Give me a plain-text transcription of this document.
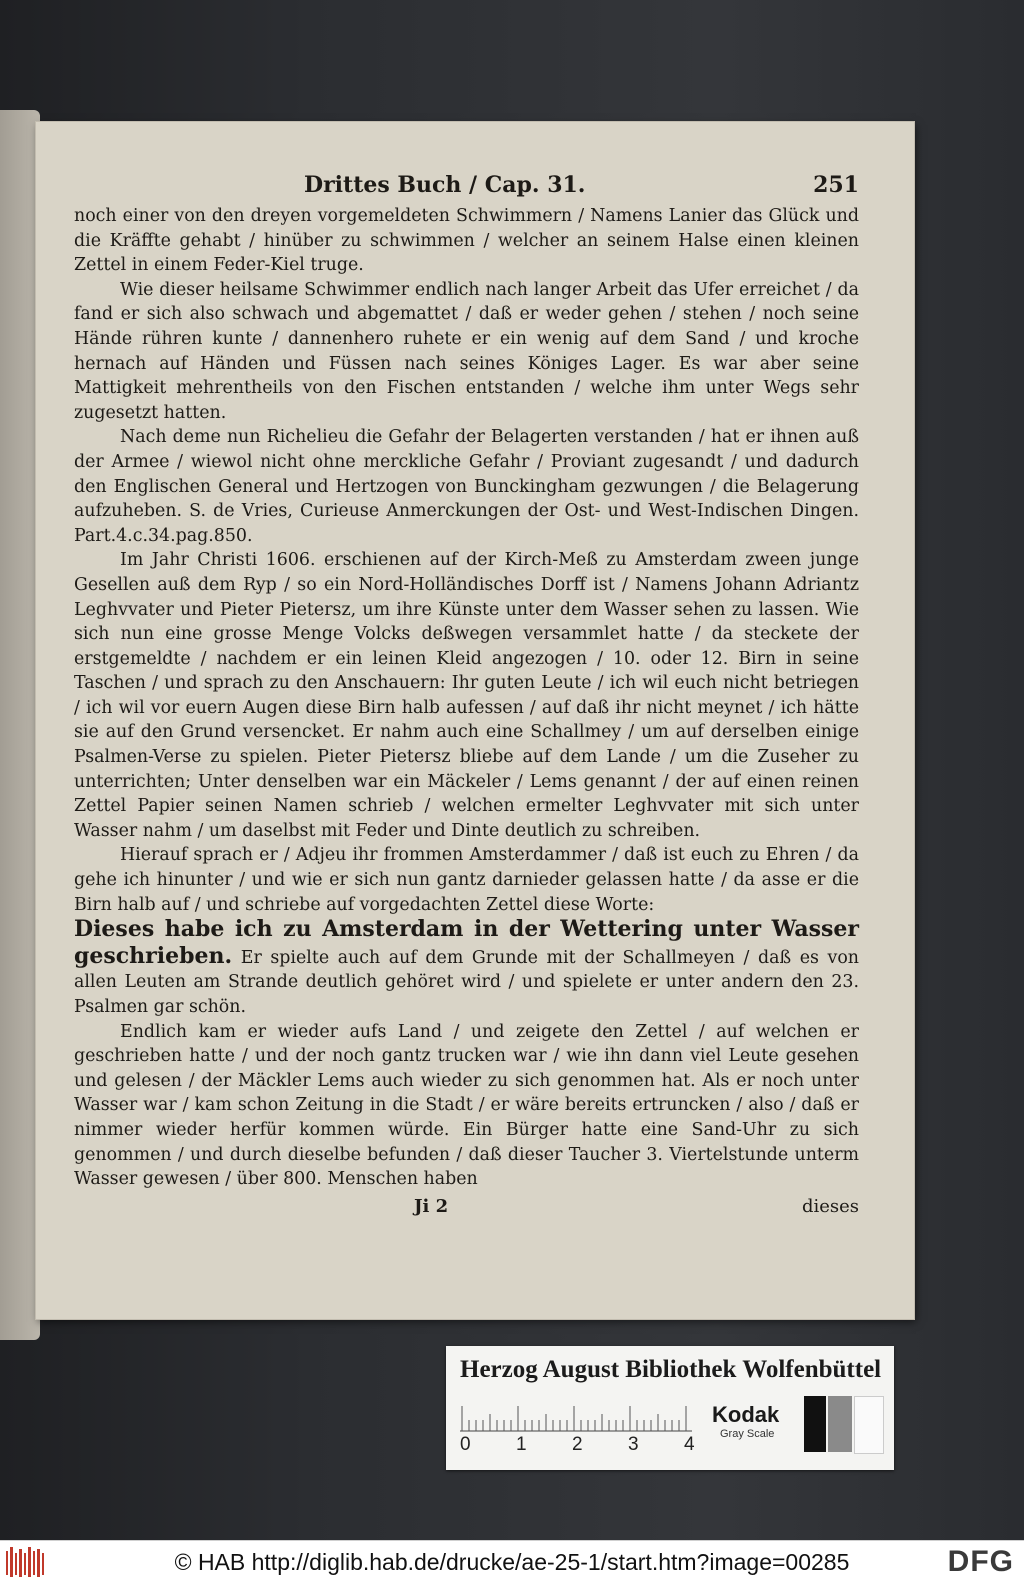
Drittes Buch / Cap. 31.	251

noch einer von den dreyen vorgemeldeten Schwimmern / Namens Lanier das Glück und die Kräffte gehabt / hinüber zu schwimmen / welcher an seinem Halse einen kleinen Zettel in einem Feder-Kiel truge.

Wie dieser heilsame Schwimmer endlich nach langer Arbeit das Ufer erreichet / da fand er sich also schwach und abgemattet / daß er weder gehen / stehen / noch seine Hände rühren kunte / dannenhero ruhete er ein wenig auf dem Sand / und kroche hernach auf Händen und Füssen nach seines Königes Lager. Es war aber seine Mattigkeit mehrentheils von den Fischen entstanden / welche ihm unter Wegs sehr zugesetzt hatten.

Nach deme nun Richelieu die Gefahr der Belagerten verstanden / hat er ihnen auß der Armee / wiewol nicht ohne merckliche Gefahr / Proviant zugesandt / und dadurch den Englischen General und Hertzogen von Bunckingham gezwungen / die Belagerung aufzuheben. S. de Vries, Curieuse Anmerckungen der Ost- und West-Indischen Dingen. Part.4.c.34.pag.850.

Im Jahr Christi 1606. erschienen auf der Kirch-Meß zu Amsterdam zween junge Gesellen auß dem Ryp / so ein Nord-Holländisches Dorff ist / Namens Johann Adriantz Leghvvater und Pieter Pietersz, um ihre Künste unter dem Wasser sehen zu lassen. Wie sich nun eine grosse Menge Volcks deßwegen versammlet hatte / da steckete der erstgemeldte / nachdem er ein leinen Kleid angezogen / 10. oder 12. Birn in seine Taschen / und sprach zu den Anschauern: Ihr guten Leute / ich wil euch nicht betriegen / ich wil vor euern Augen diese Birn halb aufessen / auf daß ihr nicht meynet / ich hätte sie auf den Grund versencket. Er nahm auch eine Schallmey / um auf derselben einige Psalmen-Verse zu spielen. Pieter Pietersz bliebe auf dem Lande / um die Zuseher zu unterrichten; Unter denselben war ein Mäckeler / Lems genannt / der auf einen reinen Zettel Papier seinen Namen schrieb / welchen ermelter Leghvvater mit sich unter Wasser nahm / um daselbst mit Feder und Dinte deutlich zu schreiben.

Hierauf sprach er / Adjeu ihr frommen Amsterdammer / daß ist euch zu Ehren / da gehe ich hinunter / und wie er sich nun gantz darnieder gelassen hatte / da asse er die Birn halb auf / und schriebe auf vorgedachten Zettel diese Worte:

Dieses habe ich zu Amsterdam in der Wettering unter Wasser geschrieben. Er spielte auch auf dem Grunde mit der Schallmeyen / daß es von allen Leuten am Strande deutlich gehöret wird / und spielete er unter andern den 23. Psalmen gar schön.

Endlich kam er wieder aufs Land / und zeigete den Zettel / auf welchen er geschrieben hatte / und der noch gantz trucken war / wie ihn dann viel Leute gesehen und gelesen / der Mäckler Lems auch wieder zu sich genommen hat. Als er noch unter Wasser war / kam schon Zeitung in die Stadt / er wäre bereits ertruncken / also / daß er nimmer wieder herfür kommen würde. Ein Bürger hatte eine Sand-Uhr zu sich genommen / und durch dieselbe befunden / daß dieser Taucher 3. Viertelstunde unterm Wasser gewesen / über 800. Menschen haben

Ji 2	dieses
Herzog August Bibliothek Wolfenbüttel
0 1 2 3 4
Kodak
Gray Scale
© HAB http://diglib.hab.de/drucke/ae-25-1/start.htm?image=00285	DFG
